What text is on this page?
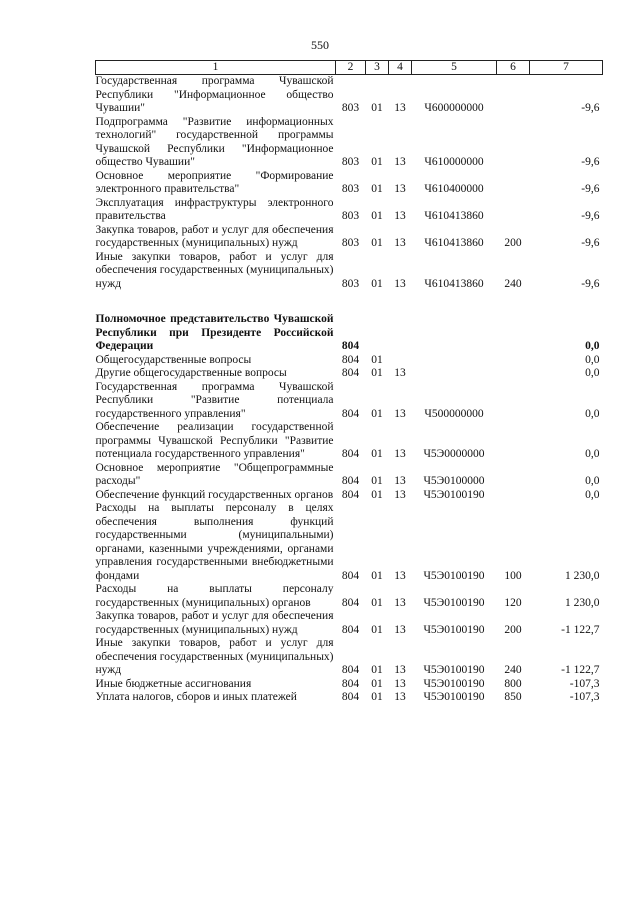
550
1	2	3	4	5	6	7
Государственная программа Чувашской Республики "Информационное общество Чувашии"	803	01	13	Ч600000000		-9,6
Подпрограмма "Развитие информационных технологий" государственной программы Чувашской Республики "Информационное общество Чувашии"	803	01	13	Ч610000000		-9,6
Основное мероприятие "Формирование электронного правительства"	803	01	13	Ч610400000		-9,6
Эксплуатация инфраструктуры электронного правительства	803	01	13	Ч610413860		-9,6
Закупка товаров, работ и услуг для обеспечения государственных (муниципальных) нужд	803	01	13	Ч610413860	200	-9,6
Иные закупки товаров, работ и услуг для обеспечения государственных (муниципальных) нужд	803	01	13	Ч610413860	240	-9,6

Полномочное представительство Чувашской Республики при Президенте Российской Федерации	804					0,0
Общегосударственные вопросы	804	01				0,0
Другие общегосударственные вопросы	804	01	13			0,0
Государственная программа Чувашской Республики "Развитие потенциала государственного управления"	804	01	13	Ч500000000		0,0
Обеспечение реализации государственной программы Чувашской Республики "Развитие потенциала государственного управления"	804	01	13	Ч5Э0000000		0,0
Основное мероприятие "Общепрограммные расходы"	804	01	13	Ч5Э0100000		0,0
Обеспечение функций государственных органов	804	01	13	Ч5Э0100190		0,0
Расходы на выплаты персоналу в целях обеспечения выполнения функций государственными (муниципальными) органами, казенными учреждениями, органами управления государственными внебюджетными фондами	804	01	13	Ч5Э0100190	100	1 230,0
Расходы на выплаты персоналу государственных (муниципальных) органов	804	01	13	Ч5Э0100190	120	1 230,0
Закупка товаров, работ и услуг для обеспечения государственных (муниципальных) нужд	804	01	13	Ч5Э0100190	200	-1 122,7
Иные закупки товаров, работ и услуг для обеспечения государственных (муниципальных) нужд	804	01	13	Ч5Э0100190	240	-1 122,7
Иные бюджетные ассигнования	804	01	13	Ч5Э0100190	800	-107,3
Уплата налогов, сборов и иных платежей	804	01	13	Ч5Э0100190	850	-107,3
